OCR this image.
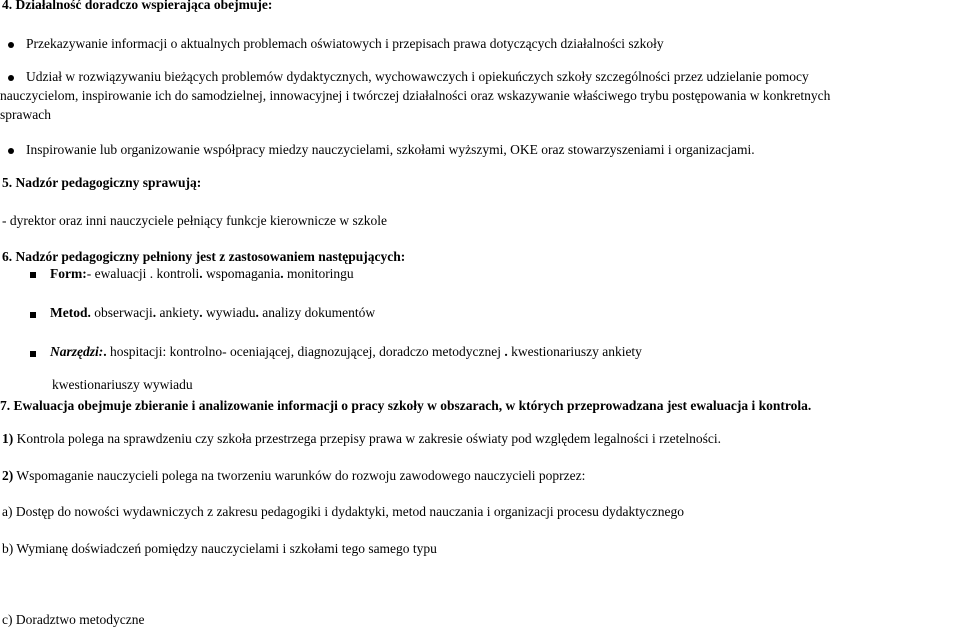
4. Działalność doradczo wspierająca obejmuje:
Przekazywanie informacji o aktualnych problemach oświatowych i przepisach prawa dotyczących działalności szkoły
Udział w rozwiązywaniu bieżących problemów dydaktycznych, wychowawczych i opiekuńczych szkoły szczególności przez udzielanie pomocy
nauczycielom, inspirowanie ich do samodzielnej, innowacyjnej i twórczej działalności oraz wskazywanie właściwego trybu postępowania w konkretnych
sprawach
Inspirowanie lub organizowanie współpracy miedzy nauczycielami, szkołami wyższymi, OKE oraz stowarzyszeniami i organizacjami.
5. Nadzór pedagogiczny sprawują:
- dyrektor oraz inni nauczyciele pełniący funkcje kierownicze w szkole
6. Nadzór pedagogiczny pełniony jest z zastosowaniem następujących:
Form:- ewaluacji . kontroli. wspomagania. monitoringu
Metod. obserwacji. ankiety. wywiadu. analizy dokumentów
Narzędzi:. hospitacji: kontrolno- oceniającej, diagnozującej, doradczo metodycznej . kwestionariuszy ankiety
kwestionariuszy wywiadu
7. Ewaluacja obejmuje zbieranie i analizowanie informacji o pracy szkoły w obszarach, w których przeprowadzana jest ewaluacja i kontrola.
1) Kontrola polega na sprawdzeniu czy szkoła przestrzega przepisy prawa w zakresie oświaty pod względem legalności i rzetelności.
2) Wspomaganie nauczycieli polega na tworzeniu warunków do rozwoju zawodowego nauczycieli poprzez:
a) Dostęp do nowości wydawniczych z zakresu pedagogiki i dydaktyki, metod nauczania i organizacji procesu dydaktycznego
b) Wymianę doświadczeń pomiędzy nauczycielami i szkołami tego samego typu
c) Doradztwo metodyczne
